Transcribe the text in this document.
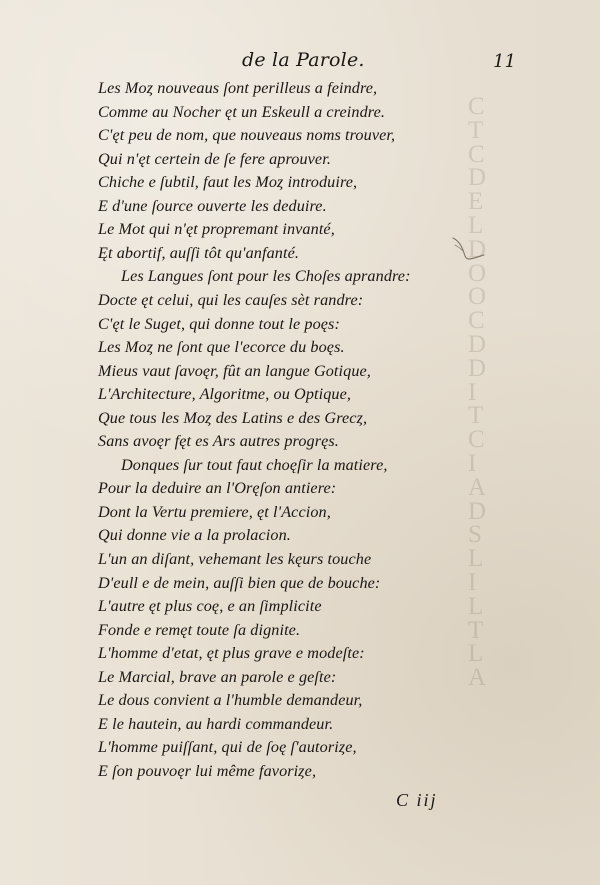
C
T
C
D
E
L
D
O
O
C
D
D
I
T
C
I
A
D
S
L
I
L
T
L
A
de la Parole.	11
Les Moȥ nouveaus ſont perilleus a feindre,
Comme au Nocher ęt un Eskeull a creindre.
C'ęt peu de nom, que nouveaus noms trouver,
Qui n'ęt certein de ſe fere aprouver.
Chiche e ſubtil, faut les Moȥ introduire,
E d'une ſource ouverte les deduire.
Le Mot qui n'ęt propremant invanté,
Ęt abortif, auſſi tôt qu'anfanté.
Les Langues ſont pour les Choſes aprandre:
Docte ęt celui, qui les cauſes sèt randre:
C'ęt le Suget, qui donne tout le poęs:
Les Moȥ ne ſont que l'ecorce du boęs.
Mieus vaut ſavoęr, fût an langue Gotique,
L'Architecture, Algoritme, ou Optique,
Que tous les Moȥ des Latins e des Grecȥ,
Sans avoęr fęt es Ars autres progręs.
Donques ſur tout faut choęſir la matiere,
Pour la deduire an l'Oręſon antiere:
Dont la Vertu premiere, ęt l'Accion,
Qui donne vie a la prolacion.
L'un an diſant, vehemant les kęurs touche
D'eull e de mein, auſſi bien que de bouche:
L'autre ęt plus coę, e an ſimplicite
Fonde e remęt toute ſa dignite.
L'homme d'etat, ęt plus grave e modeſte:
Le Marcial, brave an parole e geſte:
Le dous convient a l'humble demandeur,
E le hautein, au hardi commandeur.
L'homme puiſſant, qui de ſoę ſ'autoriȥe,
E ſon pouvoęr lui même favoriȥe,
C iij
